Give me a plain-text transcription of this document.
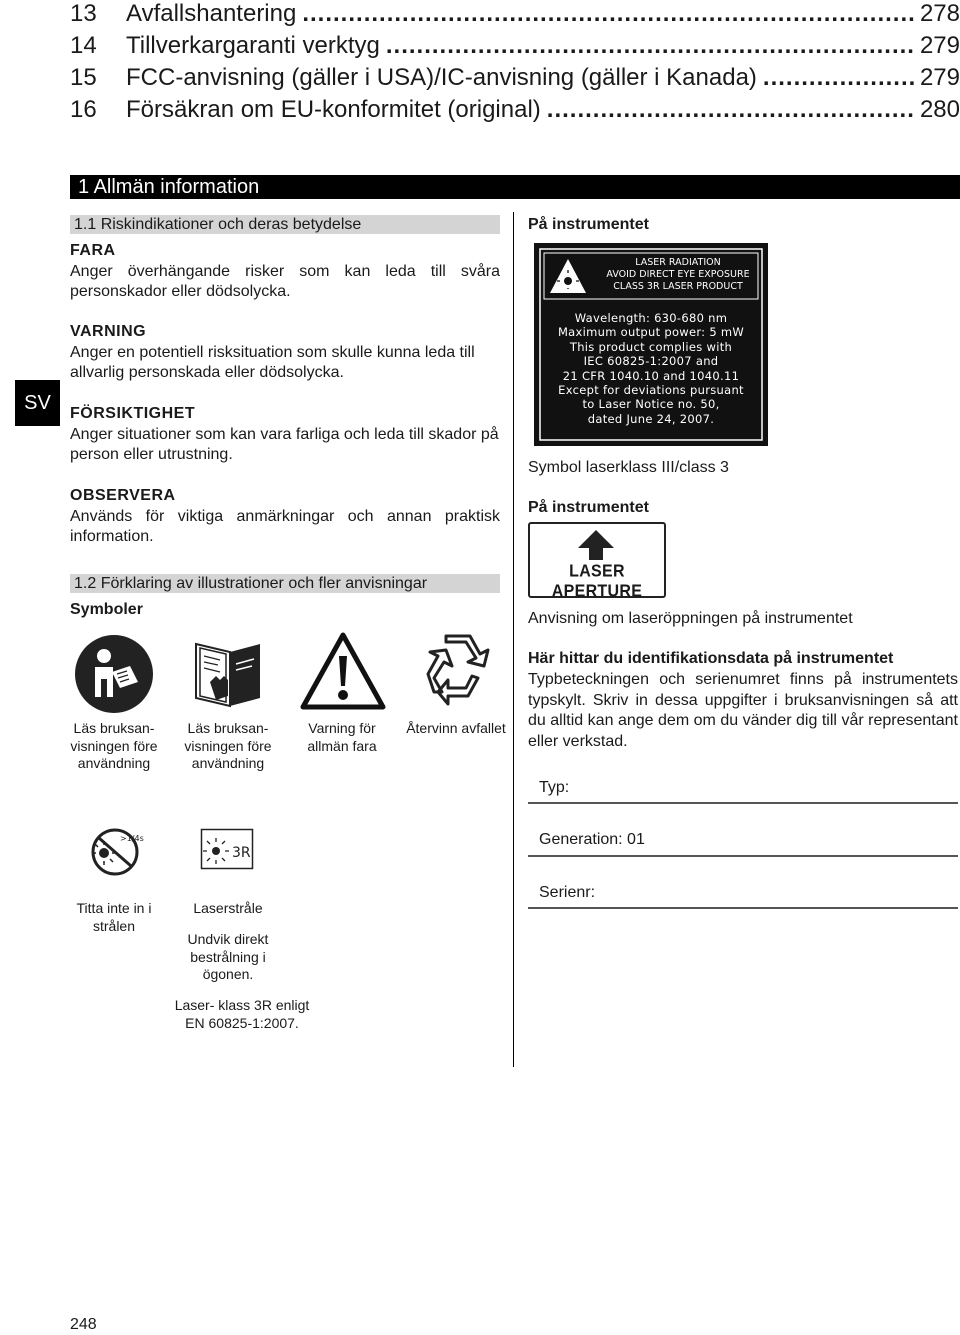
13	Avfallshantering .....	278
14	Tillverkargaranti verktyg .....	279
15	FCC-anvisning (gäller i USA)/IC-anvisning (gäller i Kanada) .....	279
16	Försäkran om EU-konformitet (original) .....	280
1 Allmän information
SV
1.1 Riskindikationer och deras betydelse
FARA
Anger överhängande risker som kan leda till svåra personskador eller dödsolycka.
VARNING
Anger en potentiell risksituation som skulle kunna leda till allvarlig personskada eller dödsolycka.
FÖRSIKTIGHET
Anger situationer som kan vara farliga och leda till skador på person eller utrustning.
OBSERVERA
Används för viktiga anmärkningar och annan praktisk information.
1.2 Förklaring av illustrationer och fler anvisningar
Symboler
Läs bruksan- visningen före användning
Läs bruksan- visningen före användning
Varning för allmän fara
Återvinn avfallet
>1/4s
3R
Titta inte in i strålen
Laserstråle
Undvik direkt bestrålning i ögonen.
Laser- klass 3R enligt EN 60825-1:2007.
På instrumentet
LASER RADIATION
AVOID DIRECT EYE EXPOSURE
CLASS 3R LASER PRODUCT
Wavelength: 630-680 nm
Maximum output power: 5 mW
This product complies with
IEC 60825-1:2007 and
21 CFR 1040.10 and 1040.11
Except for deviations pursuant
to Laser Notice no. 50,
dated June 24, 2007.
Symbol laserklass III/class 3
På instrumentet
LASER APERTURE
Anvisning om laseröppningen på instrumentet
Här hittar du identifikationsdata på instrumentet
Typbeteckningen och serienumret finns på instrumentets typskylt. Skriv in dessa uppgifter i bruksanvisningen så att du alltid kan ange dem om du vänder dig till vår representant eller verkstad.
Typ:
Generation: 01
Serienr:
248
